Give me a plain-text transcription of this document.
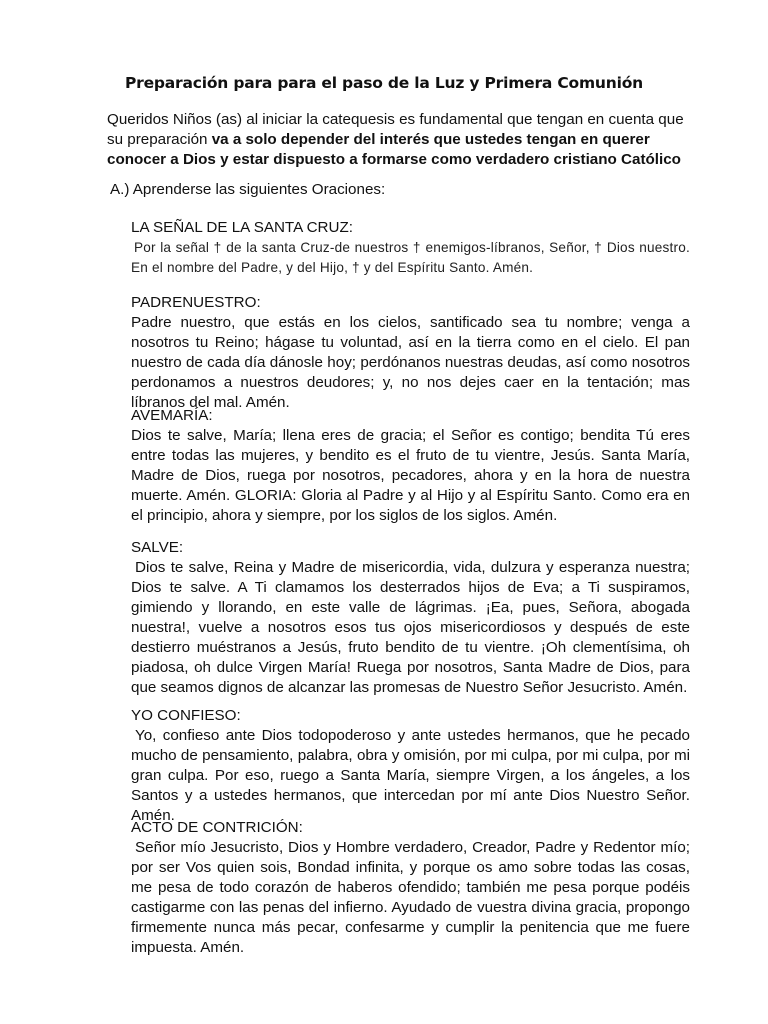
Preparación para para el paso de la Luz y Primera Comunión

Queridos Niños (as) al iniciar la catequesis es fundamental que tengan en cuenta que su preparación va a solo depender del interés que ustedes tengan en querer conocer a Dios y estar dispuesto a formarse como verdadero cristiano Católico

A.) Aprenderse las siguientes Oraciones:

LA SEÑAL DE LA SANTA CRUZ:

Por la señal † de la santa Cruz-de nuestros † enemigos-líbranos, Señor, † Dios nuestro. En el nombre del Padre, y del Hijo, † y del Espíritu Santo. Amén.

PADRENUESTRO:

Padre nuestro, que estás en los cielos, santificado sea tu nombre; venga a nosotros tu Reino; hágase tu voluntad, así en la tierra como en el cielo. El pan nuestro de cada día dánosle hoy; perdónanos nuestras deudas, así como nosotros perdonamos a nuestros deudores; y, no nos dejes caer en la tentación; mas líbranos del mal. Amén.

AVEMARÍA:

Dios te salve, María; llena eres de gracia; el Señor es contigo; bendita Tú eres entre todas las mujeres, y bendito es el fruto de tu vientre, Jesús. Santa María, Madre de Dios, ruega por nosotros, pecadores, ahora y en la hora de nuestra muerte. Amén. GLORIA: Gloria al Padre y al Hijo y al Espíritu Santo. Como era en el principio, ahora y siempre, por los siglos de los siglos. Amén.

SALVE:

Dios te salve, Reina y Madre de misericordia, vida, dulzura y esperanza nuestra; Dios te salve. A Ti clamamos los desterrados hijos de Eva; a Ti suspiramos, gimiendo y llorando, en este valle de lágrimas. ¡Ea, pues, Señora, abogada nuestra!, vuelve a nosotros esos tus ojos misericordiosos y después de este destierro muéstranos a Jesús, fruto bendito de tu vientre. ¡Oh clementísima, oh piadosa, oh dulce Virgen María! Ruega por nosotros, Santa Madre de Dios, para que seamos dignos de alcanzar las promesas de Nuestro Señor Jesucristo. Amén.

YO CONFIESO:

Yo, confieso ante Dios todopoderoso y ante ustedes hermanos, que he pecado mucho de pensamiento, palabra, obra y omisión, por mi culpa, por mi culpa, por mi gran culpa. Por eso, ruego a Santa María, siempre Virgen, a los ángeles, a los Santos y a ustedes hermanos, que intercedan por mí ante Dios Nuestro Señor. Amén.

ACTO DE CONTRICIÓN:

Señor mío Jesucristo, Dios y Hombre verdadero, Creador, Padre y Redentor mío; por ser Vos quien sois, Bondad infinita, y porque os amo sobre todas las cosas, me pesa de todo corazón de haberos ofendido; también me pesa porque podéis castigarme con las penas del infierno. Ayudado de vuestra divina gracia, propongo firmemente nunca más pecar, confesarme y cumplir la penitencia que me fuere impuesta. Amén.
